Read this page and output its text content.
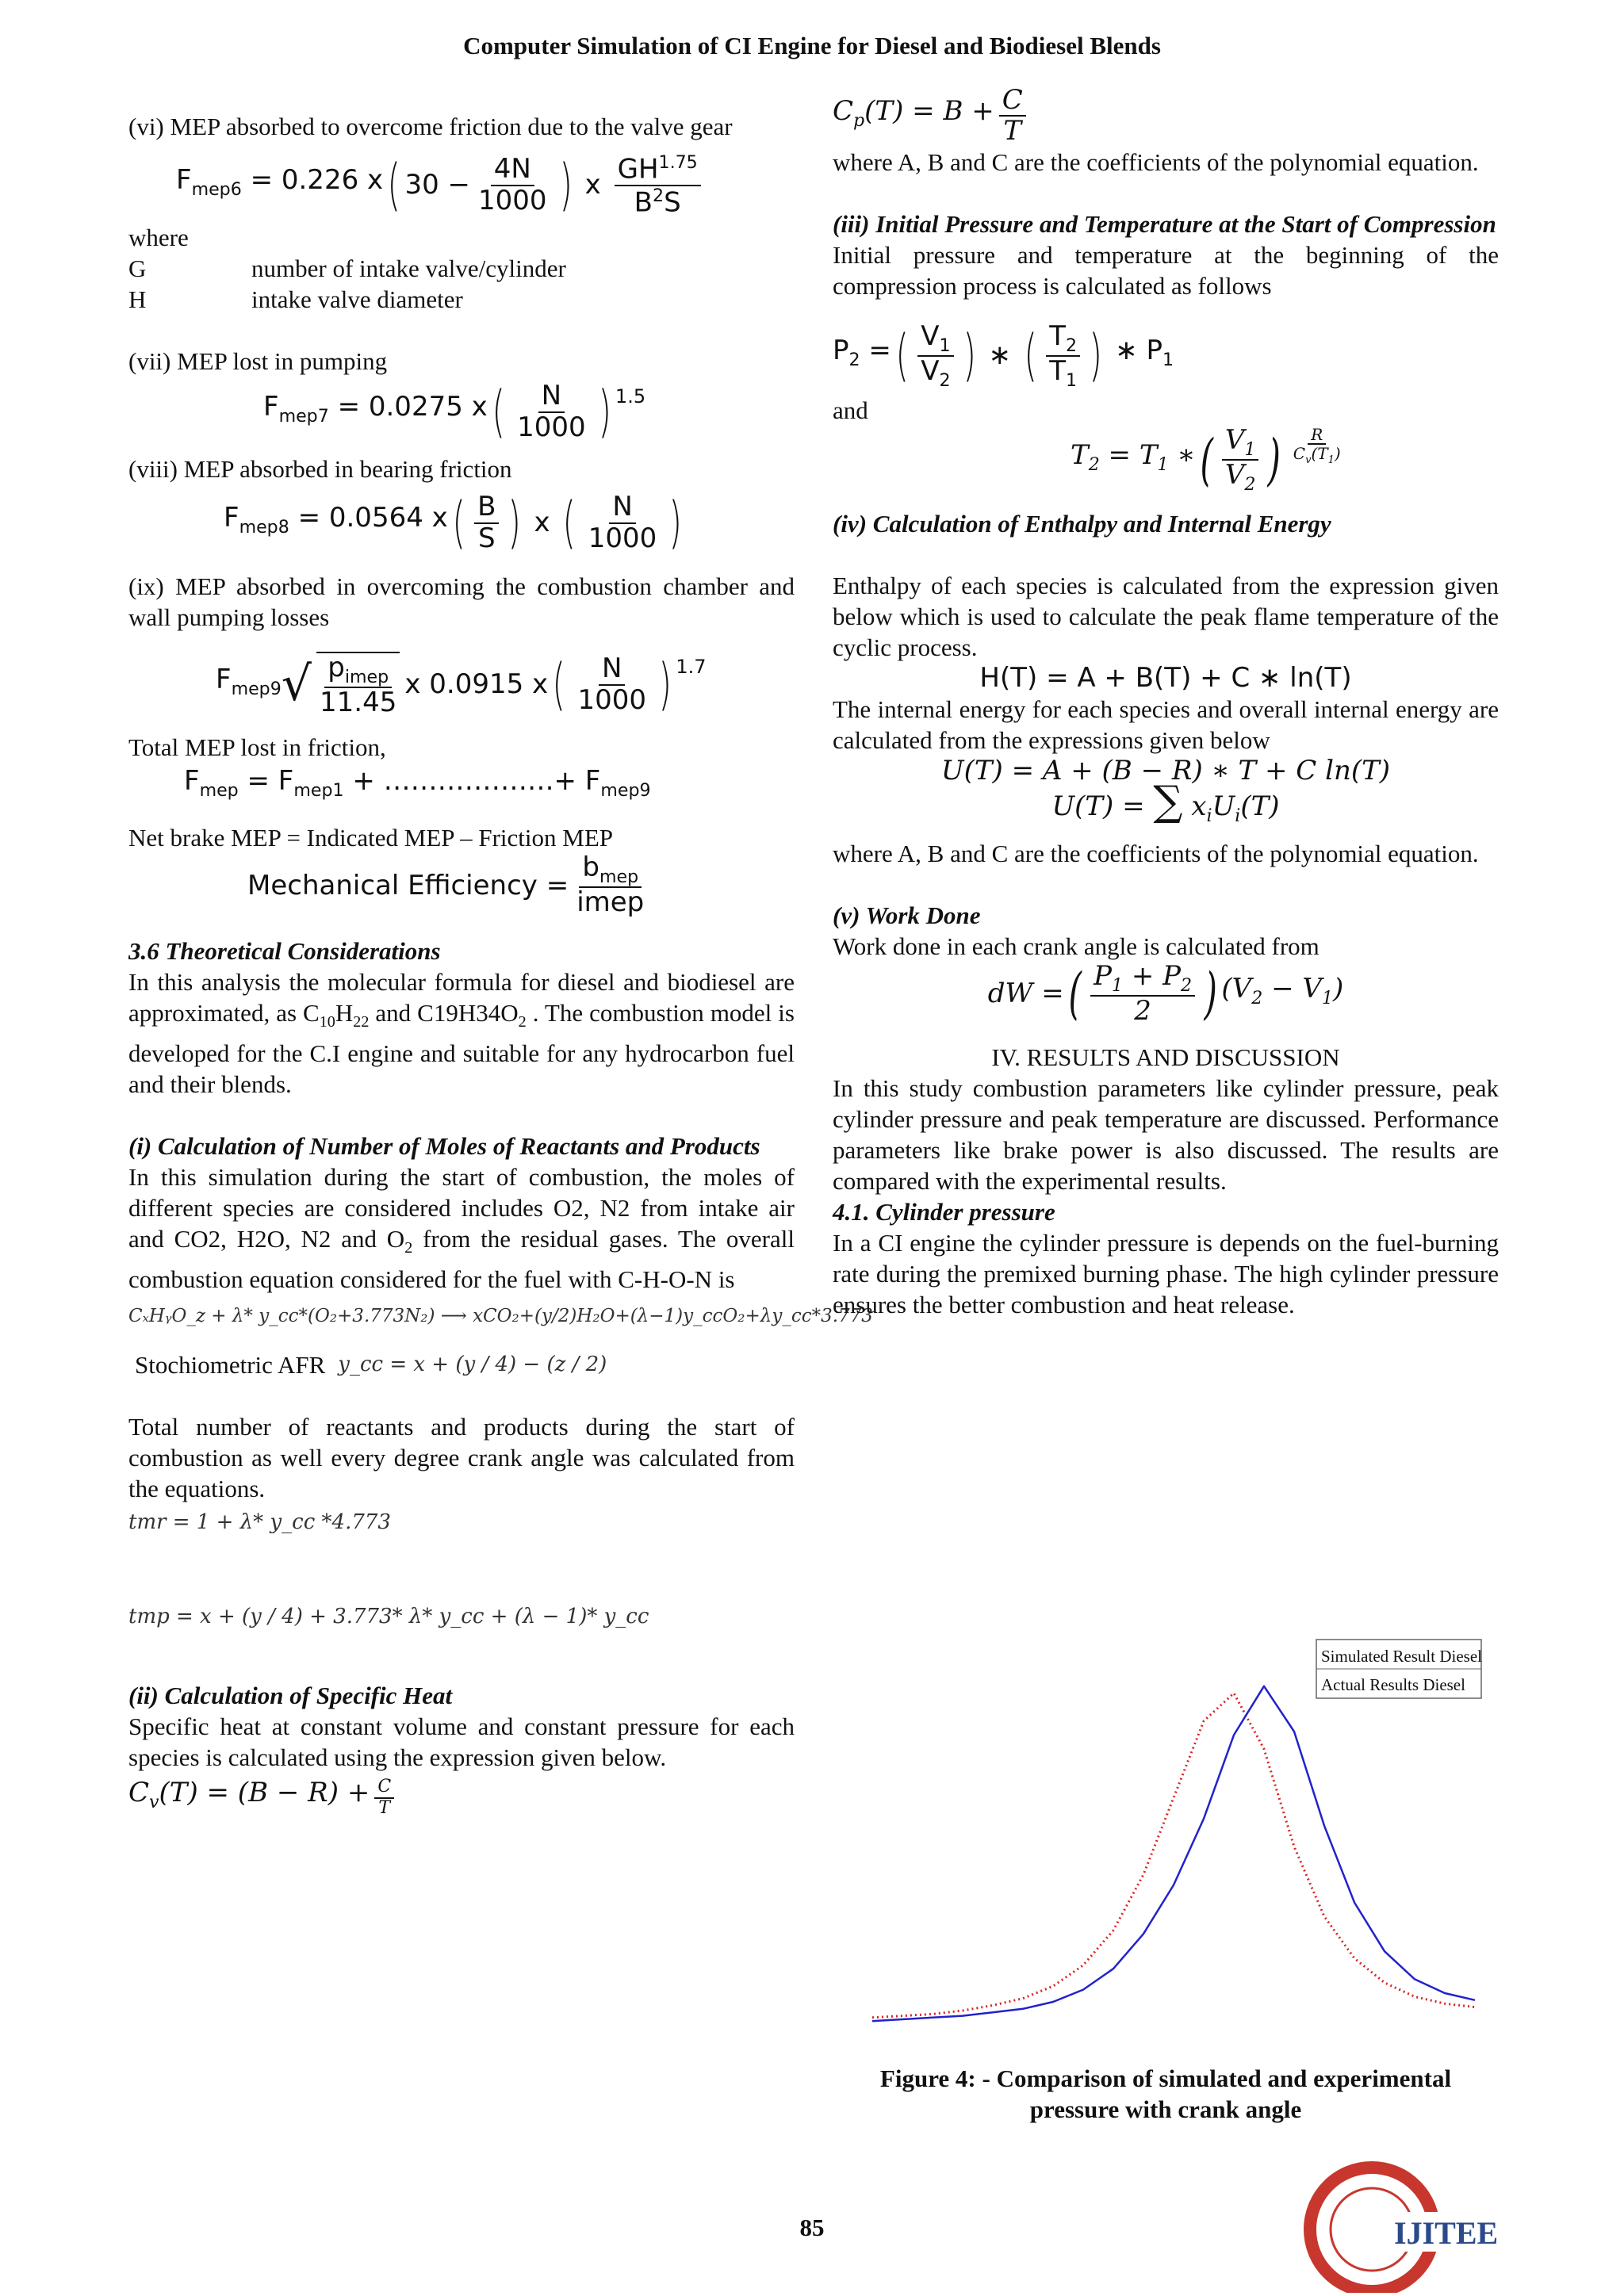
Computer Simulation of CI Engine for Diesel and Biodiesel Blends

(vi) MEP absorbed to overcome friction due to the valve gear

$F_{mep6} = 0.226$ x ( $30 - \frac{4N}{1000}$ ) x $\frac{GH^{1.75}}{B^2S}$

where

G	number of intake valve/cylinder
H	intake valve diameter

(vii) MEP lost in pumping

$F_{mep7} = 0.0275$ x ( $\frac{N}{1000} )^{1.5}$

(viii) MEP absorbed in bearing friction

$F_{mep8} = 0.0564$ x ( $\frac{B}{S}$ ) x ( $\frac{N}{1000}$ )

(ix) MEP absorbed in overcoming the combustion chamber and wall pumping losses

$F_{mep9}$ √ $\frac{p_{imep}}{11.45}$ x 0.0915 x ( $\frac{N}{1000} )^{1.7}$

Total MEP lost in friction,

$F_{mep} = F_{mep1}$ + ……………….+ $F_{mep9}$

Net brake MEP = Indicated MEP – Friction MEP

Mechanical Efficiency = $\frac{b_{mep}}{\text{imep}}$

3.6 Theoretical Considerations

In this analysis the molecular formula for diesel and biodiesel are approximated, as $C_{10}H_{22}$ and $C19H34O_2$ . The combustion model is developed for the C.I engine and suitable for any hydrocarbon fuel and their blends.

(i) Calculation of Number of Moles of Reactants and Products

In this simulation during the start of combustion, the moles of different species are considered includes O2, N2 from intake air and CO2, H2O, N2 and $O_2$ from the residual gases. The overall combustion equation considered for the fuel with C-H-O-N is

CₓHᵧO_z + λ* y_cc*(O₂+3.773N₂) ⟶ xCO₂+(y/2)H₂O+(λ−1)y_ccO₂+λy_cc*3.773
Stochiometric AFR y_cc = x + (y / 4) − (z / 2)

Total number of reactants and products during the start of combustion as well every degree crank angle was calculated from the equations.

tmr = 1 + λ* y_cc *4.773
tmp = x + (y / 4) + 3.773* λ* y_cc + (λ − 1)* y_cc

(ii) Calculation of Specific Heat

Specific heat at constant volume and constant pressure for each species is calculated using the expression given below.

$C_v(T) = (B - R) + \frac{C}{T}$
$C_p(T) = B + \frac{C}{T}$

where A, B and C are the coefficients of the polynomial equation.

(iii) Initial Pressure and Temperature at the Start of Compression

Initial pressure and temperature at the beginning of the compression process is calculated as follows

$P_2$ = ( $\frac{V_1}{V_2}$ ) ∗ ( $\frac{T_2}{T_1}$ ) ∗ $P_1$

and

$T_2 = T_1$ ∗ ( $\frac{V_1}{V_2}$ ) $\frac{R}{C_v(T_1)}$

(iv) Calculation of Enthalpy and Internal Energy

Enthalpy of each species is calculated from the expression given below which is used to calculate the peak flame temperature of the cyclic process.

H(T) = A + B(T) + C ∗ ln(T)

The internal energy for each species and overall internal energy are calculated from the expressions given below

U(T) = A + (B − R) ∗ T + C ln(T)
U(T) = ∑ $x_iU_i(T)$

where A, B and C are the coefficients of the polynomial equation.

(v) Work Done

Work done in each crank angle is calculated from

dW = ( $\frac{P_1 + P_2}{2}$ ) $(V_2 - V_1)$

IV. RESULTS AND DISCUSSION

In this study combustion parameters like cylinder pressure, peak cylinder pressure and peak temperature are discussed. Performance parameters like brake power is also discussed. The results are compared with the experimental results.

4.1. Cylinder pressure

In a CI engine the cylinder pressure is depends on the fuel-burning rate during the premixed burning phase. The high cylinder pressure ensures the better combustion and heat release.

Simulated Result Diesel
Actual Results Diesel
Figure 4: - Comparison of simulated and experimental pressure with crank angle
85	IJITEE
